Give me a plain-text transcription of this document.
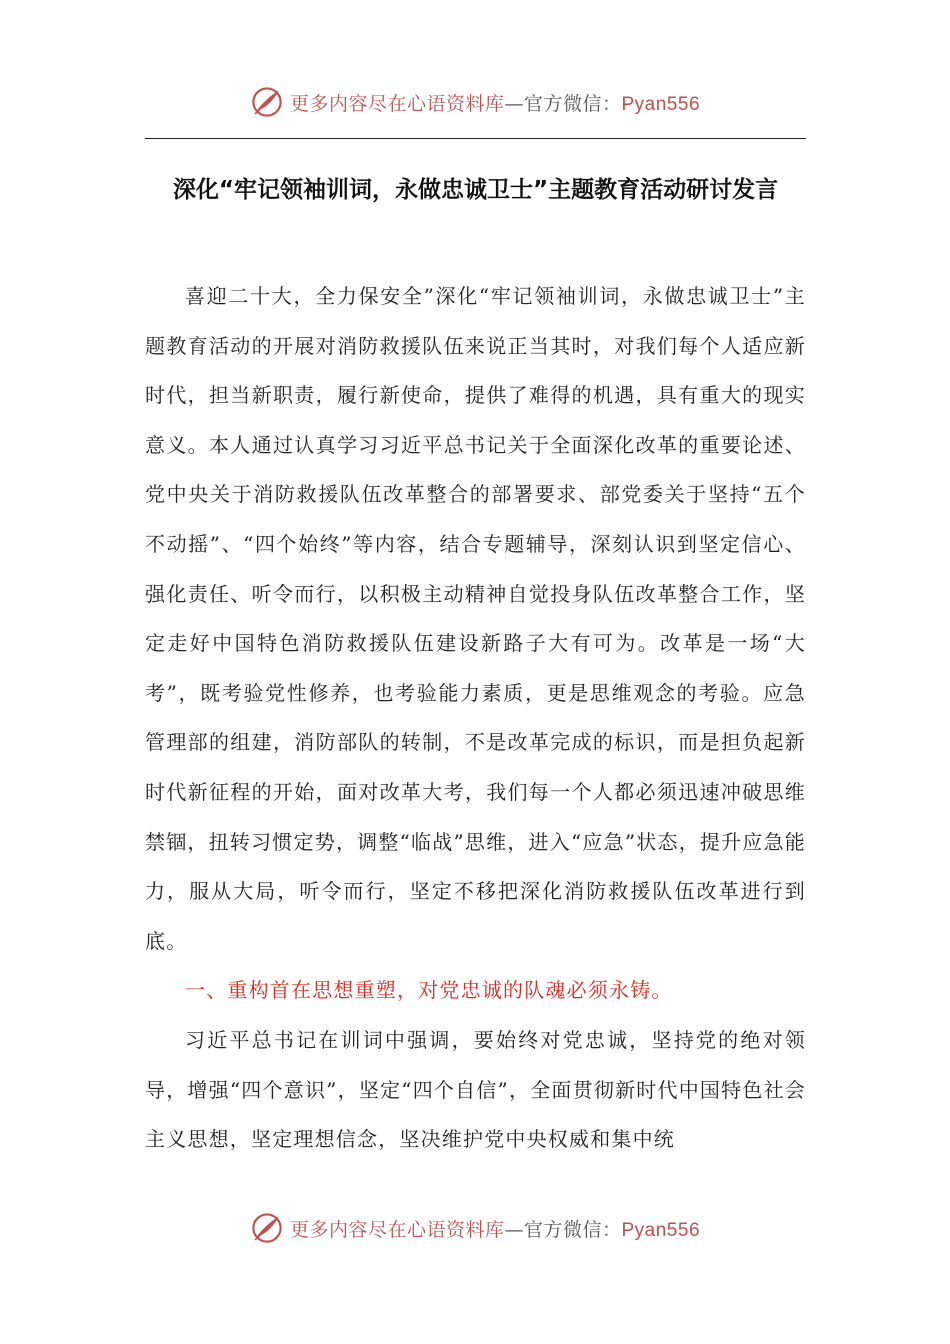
更多内容尽在心语资料库—官方微信：Pyan556
深化“牢记领袖训词，永做忠诚卫士”主题教育活动研讨发言

喜迎二十大，全力保安全”深化“牢记领袖训词，永做忠诚卫士”主题教育活动的开展对消防救援队伍来说正当其时，对我们每个人适应新时代，担当新职责，履行新使命，提供了难得的机遇，具有重大的现实意义。本人通过认真学习习近平总书记关于全面深化改革的重要论述、党中央关于消防救援队伍改革整合的部署要求、部党委关于坚持“五个不动摇”、“四个始终”等内容，结合专题辅导，深刻认识到坚定信心、强化责任、听令而行，以积极主动精神自觉投身队伍改革整合工作，坚定走好中国特色消防救援队伍建设新路子大有可为。改革是一场“大考”，既考验党性修养，也考验能力素质，更是思维观念的考验。应急管理部的组建，消防部队的转制，不是改革完成的标识，而是担负起新时代新征程的开始，面对改革大考，我们每一个人都必须迅速冲破思维禁锢，扭转习惯定势，调整“临战”思维，进入“应急”状态，提升应急能力，服从大局，听令而行，坚定不移把深化消防救援队伍改革进行到底。

一、重构首在思想重塑，对党忠诚的队魂必须永铸。

习近平总书记在训词中强调，要始终对党忠诚，坚持党的绝对领导，增强“四个意识”，坚定“四个自信”，全面贯彻新时代中国特色社会主义思想，坚定理想信念，坚决维护党中央权威和集中统

更多内容尽在心语资料库—官方微信：Pyan556
